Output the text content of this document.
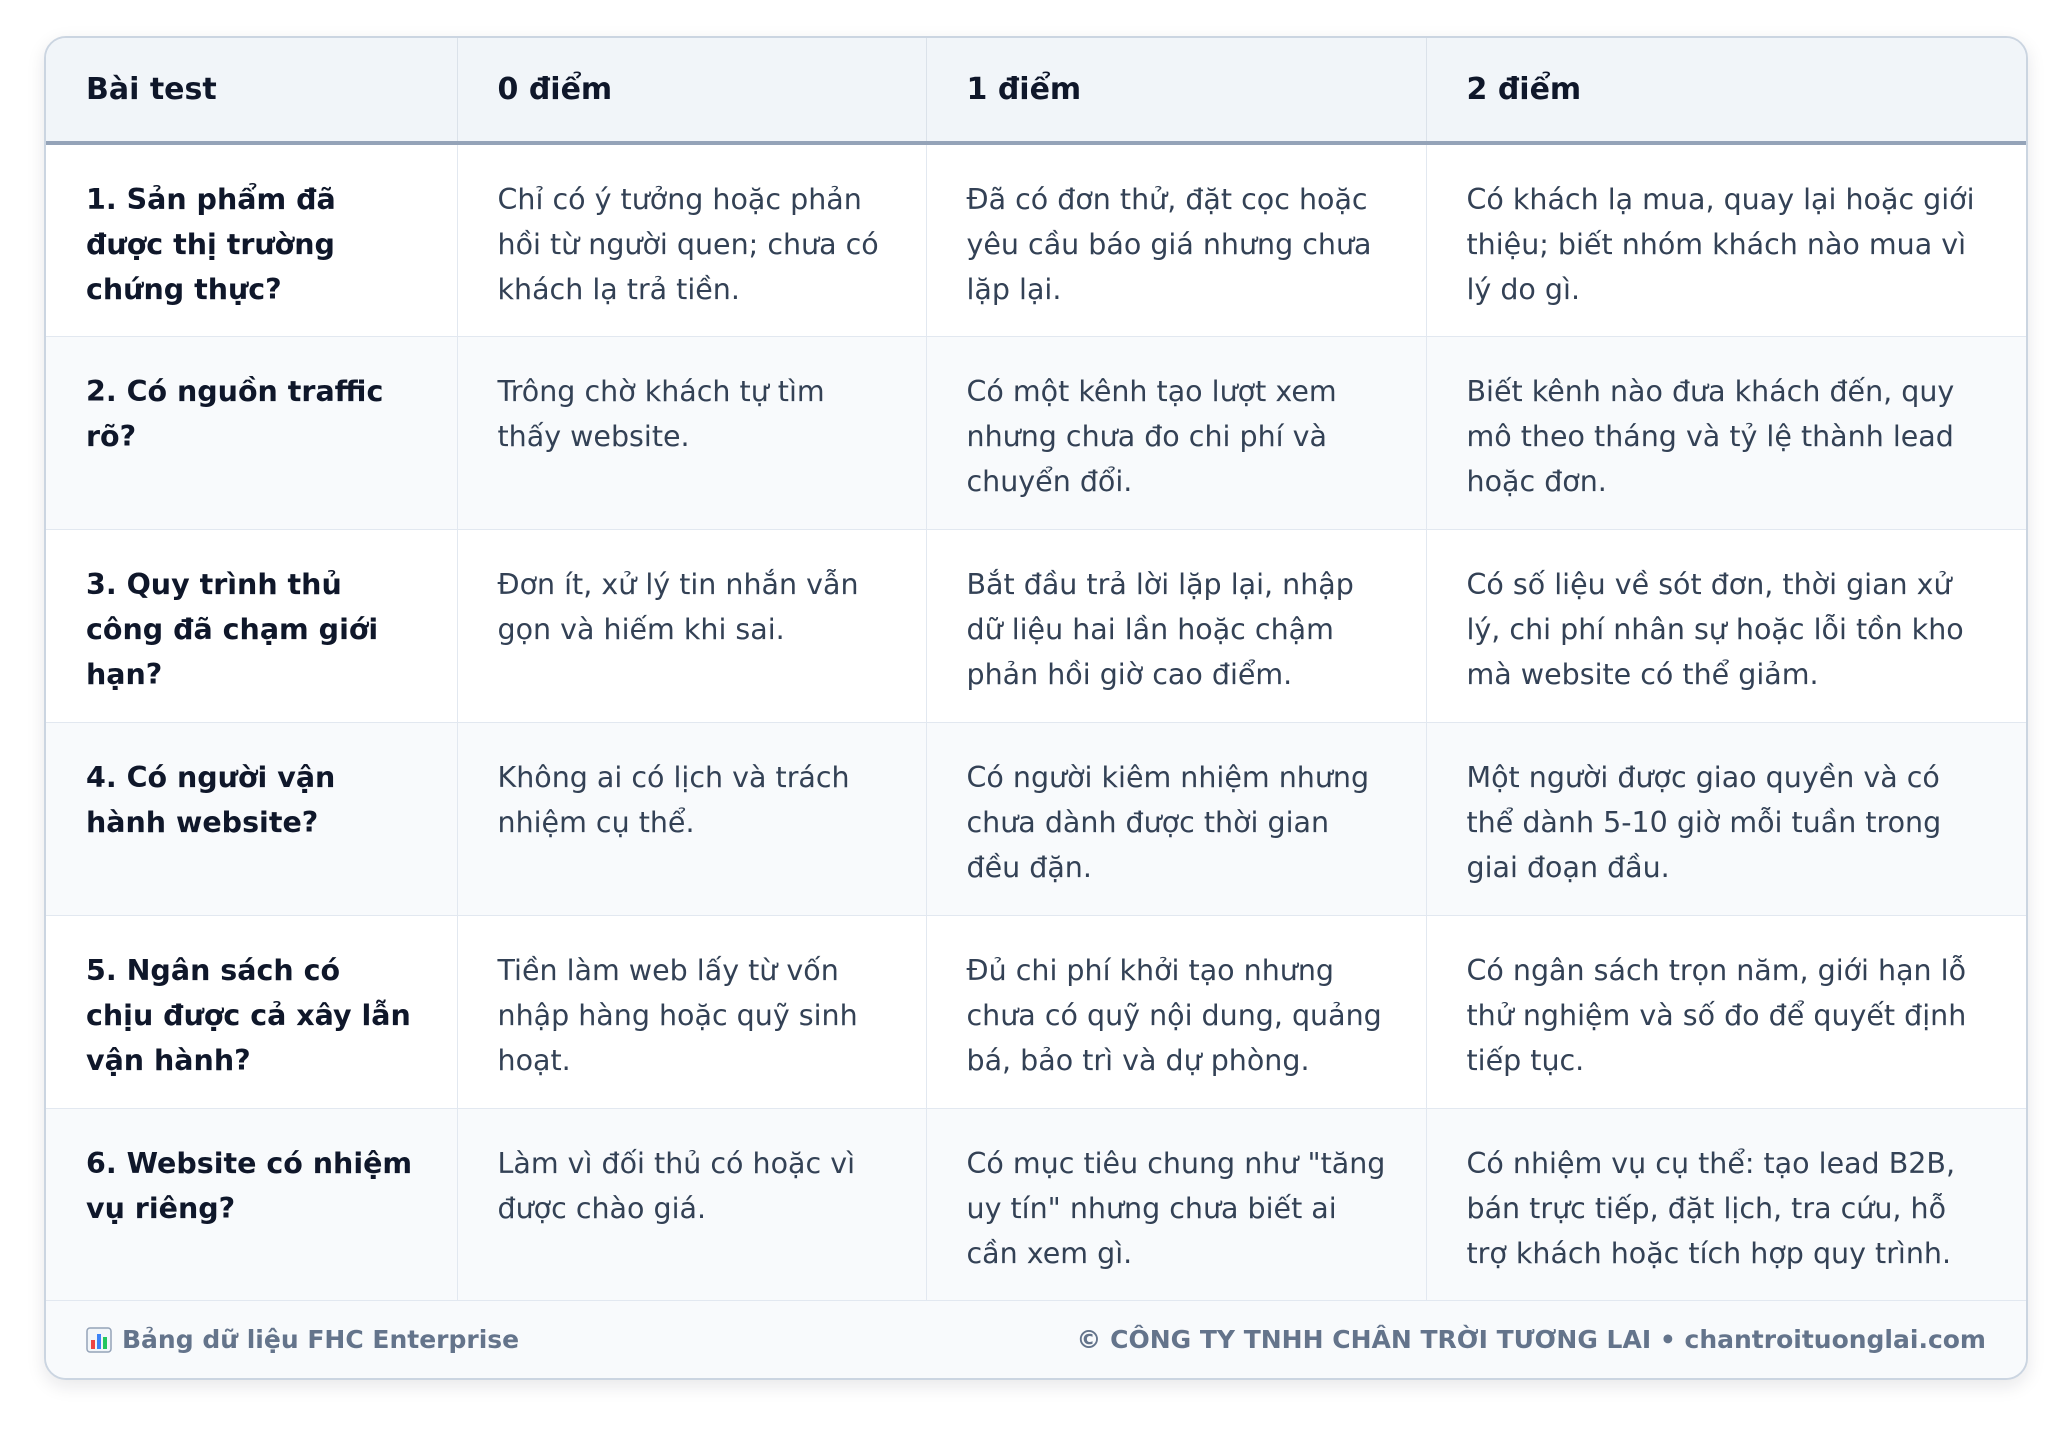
Bài test	0 điểm	1 điểm	2 điểm
1. Sản phẩm đã được thị trường chứng thực?	Chỉ có ý tưởng hoặc phản hồi từ người quen; chưa có khách lạ trả tiền.	Đã có đơn thử, đặt cọc hoặc yêu cầu báo giá nhưng chưa lặp lại.	Có khách lạ mua, quay lại hoặc giới thiệu; biết nhóm khách nào mua vì lý do gì.
2. Có nguồn traffic rõ?	Trông chờ khách tự tìm thấy website.	Có một kênh tạo lượt xem nhưng chưa đo chi phí và chuyển đổi.	Biết kênh nào đưa khách đến, quy mô theo tháng và tỷ lệ thành lead hoặc đơn.
3. Quy trình thủ công đã chạm giới hạn?	Đơn ít, xử lý tin nhắn vẫn gọn và hiếm khi sai.	Bắt đầu trả lời lặp lại, nhập dữ liệu hai lần hoặc chậm phản hồi giờ cao điểm.	Có số liệu về sót đơn, thời gian xử lý, chi phí nhân sự hoặc lỗi tồn kho mà website có thể giảm.
4. Có người vận hành website?	Không ai có lịch và trách nhiệm cụ thể.	Có người kiêm nhiệm nhưng chưa dành được thời gian đều đặn.	Một người được giao quyền và có thể dành 5-10 giờ mỗi tuần trong giai đoạn đầu.
5. Ngân sách có chịu được cả xây lẫn vận hành?	Tiền làm web lấy từ vốn nhập hàng hoặc quỹ sinh hoạt.	Đủ chi phí khởi tạo nhưng chưa có quỹ nội dung, quảng bá, bảo trì và dự phòng.	Có ngân sách trọn năm, giới hạn lỗ thử nghiệm và số đo để quyết định tiếp tục.
6. Website có nhiệm vụ riêng?	Làm vì đối thủ có hoặc vì được chào giá.	Có mục tiêu chung như "tăng uy tín" nhưng chưa biết ai cần xem gì.	Có nhiệm vụ cụ thể: tạo lead B2B, bán trực tiếp, đặt lịch, tra cứu, hỗ trợ khách hoặc tích hợp quy trình.
Bảng dữ liệu FHC Enterprise	© CÔNG TY TNHH CHÂN TRỜI TƯƠNG LAI • chantroituonglai.com
